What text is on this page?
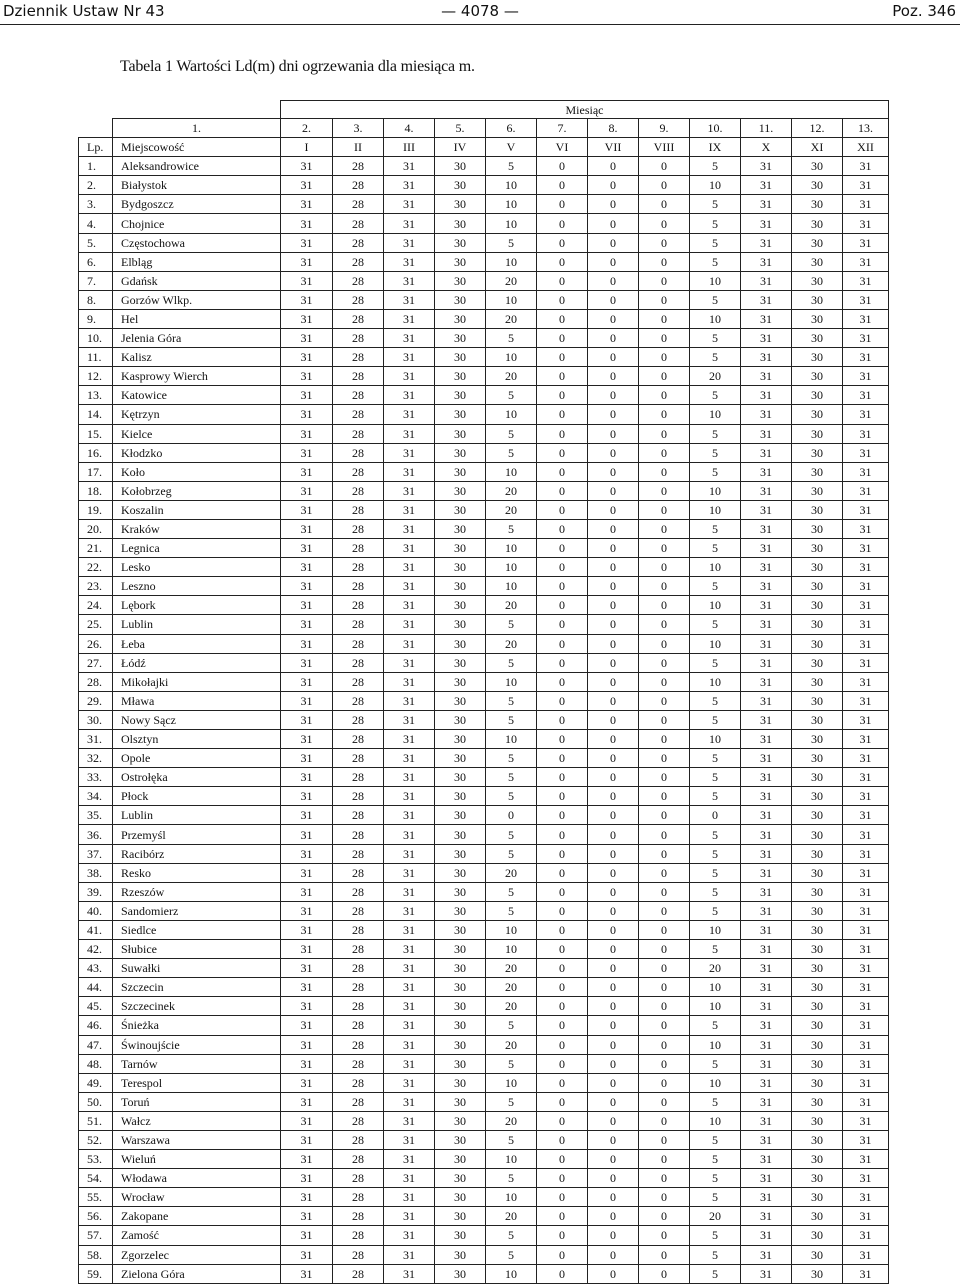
Dziennik Ustaw Nr 43	— 4078 —	Poz. 346
Tabela 1 Wartości Ld(m) dni ogrzewania dla miesiąca m.
		Miesiąc											
	1.	2.	3.	4.	5.	6.	7.	8.	9.	10.	11.	12.	13.
Lp.	Miejscowość	I	II	III	IV	V	VI	VII	VIII	IX	X	XI	XII
1.	Aleksandrowice	31	28	31	30	5	0	0	0	5	31	30	31
2.	Białystok	31	28	31	30	10	0	0	0	10	31	30	31
3.	Bydgoszcz	31	28	31	30	10	0	0	0	5	31	30	31
4.	Chojnice	31	28	31	30	10	0	0	0	5	31	30	31
5.	Częstochowa	31	28	31	30	5	0	0	0	5	31	30	31
6.	Elbląg	31	28	31	30	10	0	0	0	5	31	30	31
7.	Gdańsk	31	28	31	30	20	0	0	0	10	31	30	31
8.	Gorzów Wlkp.	31	28	31	30	10	0	0	0	5	31	30	31
9.	Hel	31	28	31	30	20	0	0	0	10	31	30	31
10.	Jelenia Góra	31	28	31	30	5	0	0	0	5	31	30	31
11.	Kalisz	31	28	31	30	10	0	0	0	5	31	30	31
12.	Kasprowy Wierch	31	28	31	30	20	0	0	0	20	31	30	31
13.	Katowice	31	28	31	30	5	0	0	0	5	31	30	31
14.	Kętrzyn	31	28	31	30	10	0	0	0	10	31	30	31
15.	Kielce	31	28	31	30	5	0	0	0	5	31	30	31
16.	Kłodzko	31	28	31	30	5	0	0	0	5	31	30	31
17.	Koło	31	28	31	30	10	0	0	0	5	31	30	31
18.	Kołobrzeg	31	28	31	30	20	0	0	0	10	31	30	31
19.	Koszalin	31	28	31	30	20	0	0	0	10	31	30	31
20.	Kraków	31	28	31	30	5	0	0	0	5	31	30	31
21.	Legnica	31	28	31	30	10	0	0	0	5	31	30	31
22.	Lesko	31	28	31	30	10	0	0	0	10	31	30	31
23.	Leszno	31	28	31	30	10	0	0	0	5	31	30	31
24.	Lębork	31	28	31	30	20	0	0	0	10	31	30	31
25.	Lublin	31	28	31	30	5	0	0	0	5	31	30	31
26.	Łeba	31	28	31	30	20	0	0	0	10	31	30	31
27.	Łódź	31	28	31	30	5	0	0	0	5	31	30	31
28.	Mikołajki	31	28	31	30	10	0	0	0	10	31	30	31
29.	Mława	31	28	31	30	5	0	0	0	5	31	30	31
30.	Nowy Sącz	31	28	31	30	5	0	0	0	5	31	30	31
31.	Olsztyn	31	28	31	30	10	0	0	0	10	31	30	31
32.	Opole	31	28	31	30	5	0	0	0	5	31	30	31
33.	Ostrołęka	31	28	31	30	5	0	0	0	5	31	30	31
34.	Płock	31	28	31	30	5	0	0	0	5	31	30	31
35.	Lublin	31	28	31	30	0	0	0	0	0	31	30	31
36.	Przemyśl	31	28	31	30	5	0	0	0	5	31	30	31
37.	Racibórz	31	28	31	30	5	0	0	0	5	31	30	31
38.	Resko	31	28	31	30	20	0	0	0	5	31	30	31
39.	Rzeszów	31	28	31	30	5	0	0	0	5	31	30	31
40.	Sandomierz	31	28	31	30	5	0	0	0	5	31	30	31
41.	Siedlce	31	28	31	30	10	0	0	0	10	31	30	31
42.	Słubice	31	28	31	30	10	0	0	0	5	31	30	31
43.	Suwałki	31	28	31	30	20	0	0	0	20	31	30	31
44.	Szczecin	31	28	31	30	20	0	0	0	10	31	30	31
45.	Szczecinek	31	28	31	30	20	0	0	0	10	31	30	31
46.	Śnieżka	31	28	31	30	5	0	0	0	5	31	30	31
47.	Świnoujście	31	28	31	30	20	0	0	0	10	31	30	31
48.	Tarnów	31	28	31	30	5	0	0	0	5	31	30	31
49.	Terespol	31	28	31	30	10	0	0	0	10	31	30	31
50.	Toruń	31	28	31	30	5	0	0	0	5	31	30	31
51.	Wałcz	31	28	31	30	20	0	0	0	10	31	30	31
52.	Warszawa	31	28	31	30	5	0	0	0	5	31	30	31
53.	Wieluń	31	28	31	30	10	0	0	0	5	31	30	31
54.	Włodawa	31	28	31	30	5	0	0	0	5	31	30	31
55.	Wrocław	31	28	31	30	10	0	0	0	5	31	30	31
56.	Zakopane	31	28	31	30	20	0	0	0	20	31	30	31
57.	Zamość	31	28	31	30	5	0	0	0	5	31	30	31
58.	Zgorzelec	31	28	31	30	5	0	0	0	5	31	30	31
59.	Zielona Góra	31	28	31	30	10	0	0	0	5	31	30	31
